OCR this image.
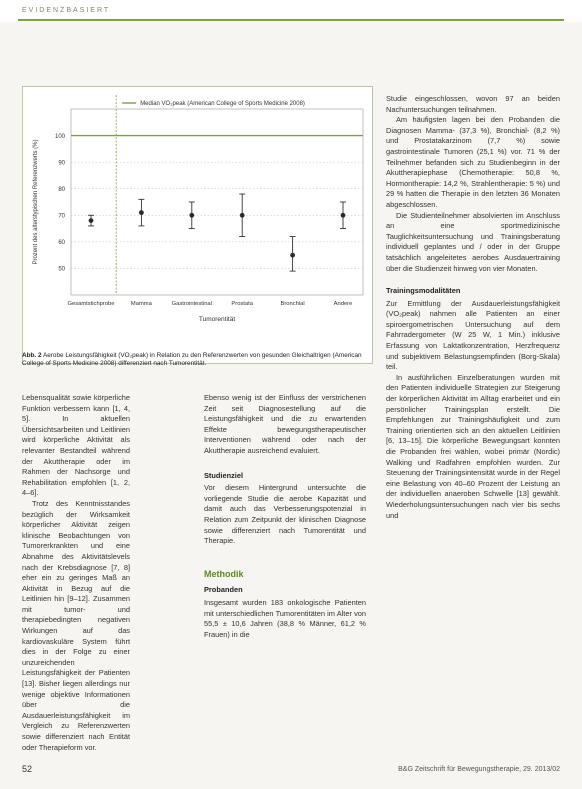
EVIDENZBASIERT
50
60
70
80
90
100
Median VO₂peak (American College of Sports Medicine 2008)
Prozent des alterstypischen Referenzwerts (%)
Tumorentität
Gesamtstichprobe	Mamma	Gastrointestinal	Prostata	Bronchial	Andere
Abb. 2 Aerobe Leistungsfähigkeit (VO₂peak) in Relation zu den Referenzwerten von gesunden Gleichaltrigen (American College of Sports Medicine 2008) differenziert nach Tumorentität.

Lebensqualität sowie körperliche Funktion verbessern kann [1, 4, 5]. In aktuellen Übersichtsarbeiten und Leitlinien wird körperliche Aktivität als relevanter Bestandteil während der Akuttherapie oder im Rahmen der Nachsorge und Rehabilitation empfohlen [1, 2, 4–6].

Trotz des Kenntnisstandes bezüglich der Wirksamkeit körperlicher Aktivität zeigen klinische Beobachtungen von Tumorerkrankten und eine Abnahme des Aktivitätslevels nach der Krebsdiagnose [7, 8] eher ein zu geringes Maß an Aktivität in Bezug auf die Leitlinien hin [9–12]. Zusammen mit tumor- und therapiebedingten negativen Wirkungen auf das kardiovaskuläre System führt dies in der Folge zu einer unzureichenden Leistungsfähigkeit der Patienten [13]. Bisher liegen allerdings nur wenige objektive Informationen über die Ausdauerleistungsfähigkeit im Vergleich zu Referenzwerten sowie differenziert nach Entität oder Therapieform vor.

Ebenso wenig ist der Einfluss der verstrichenen Zeit seit Diagnosestellung auf die Leistungsfähigkeit und die zu erwartenden Effekte bewegungstherapeutischer Interventionen während oder nach der Akuttherapie ausreichend evaluiert.

Studienziel

Vor diesem Hintergrund untersuchte die vorliegende Studie die aerobe Kapazität und damit auch das Verbesserungspotenzial in Relation zum Zeitpunkt der klinischen Diagnose sowie differenziert nach Tumorentität und Therapie.

Methodik
Probanden

Insgesamt wurden 183 onkologische Patienten mit unterschiedlichen Tumorentitäten im Alter von 55,5 ± 10,6 Jahren (38,8 % Männer, 61,2 % Frauen) in die

Studie eingeschlossen, wovon 97 an beiden Nachuntersuchungen teilnahmen.

Am häufigsten lagen bei den Probanden die Diagnosen Mamma- (37,3 %), Bronchial- (8,2 %) und Prostatakarzinom (7,7 %) sowie gastrointestinale Tumoren (25,1 %) vor. 71 % der Teilnehmer befanden sich zu Studienbeginn in der Akuttherapiephase (Chemotherapie: 50,8 %, Hormontherapie: 14,2 %, Strahlentherapie: 5 %) und 29 % hatten die Therapie in den letzten 36 Monaten abgeschlossen.

Die Studienteilnehmer absolvierten im Anschluss an eine sportmedizinische Tauglichkeitsuntersuchung und Trainingsberatung individuell geplantes und / oder in der Gruppe tatsächlich angeleitetes aerobes Ausdauertraining über die Studienzeit hinweg von vier Monaten.

Trainingsmodalitäten

Zur Ermittlung der Ausdauerleistungsfähigkeit (VO₂peak) nahmen alle Patienten an einer spiroergometrischen Untersuchung auf dem Fahrradergometer (W 25 W, 1 Min.) inklusive Erfassung von Laktatkonzentration, Herzfrequenz und subjektivem Belastungsempfinden (Borg-Skala) teil.

In ausführlichen Einzelberatungen wurden mit den Patienten individuelle Strategien zur Steigerung der körperlichen Aktivität im Alltag erarbeitet und ein persönlicher Trainingsplan erstellt. Die Empfehlungen zur Trainingshäufigkeit und zum Training orientierten sich an den aktuellen Leitlinien [6, 13–15]. Die körperliche Bewegungsart konnten die Probanden frei wählen, wobei primär (Nordic) Walking und Radfahren empfohlen wurden. Zur Steuerung der Trainingsintensität wurde in der Regel eine Belastung von 40–60 Prozent der Leistung an der individuellen anaeroben Schwelle [13] gewählt. Wiederholungsuntersuchungen nach vier bis sechs und

52	B&G Zeitschrift für Bewegungstherapie, 29. 2013/02
